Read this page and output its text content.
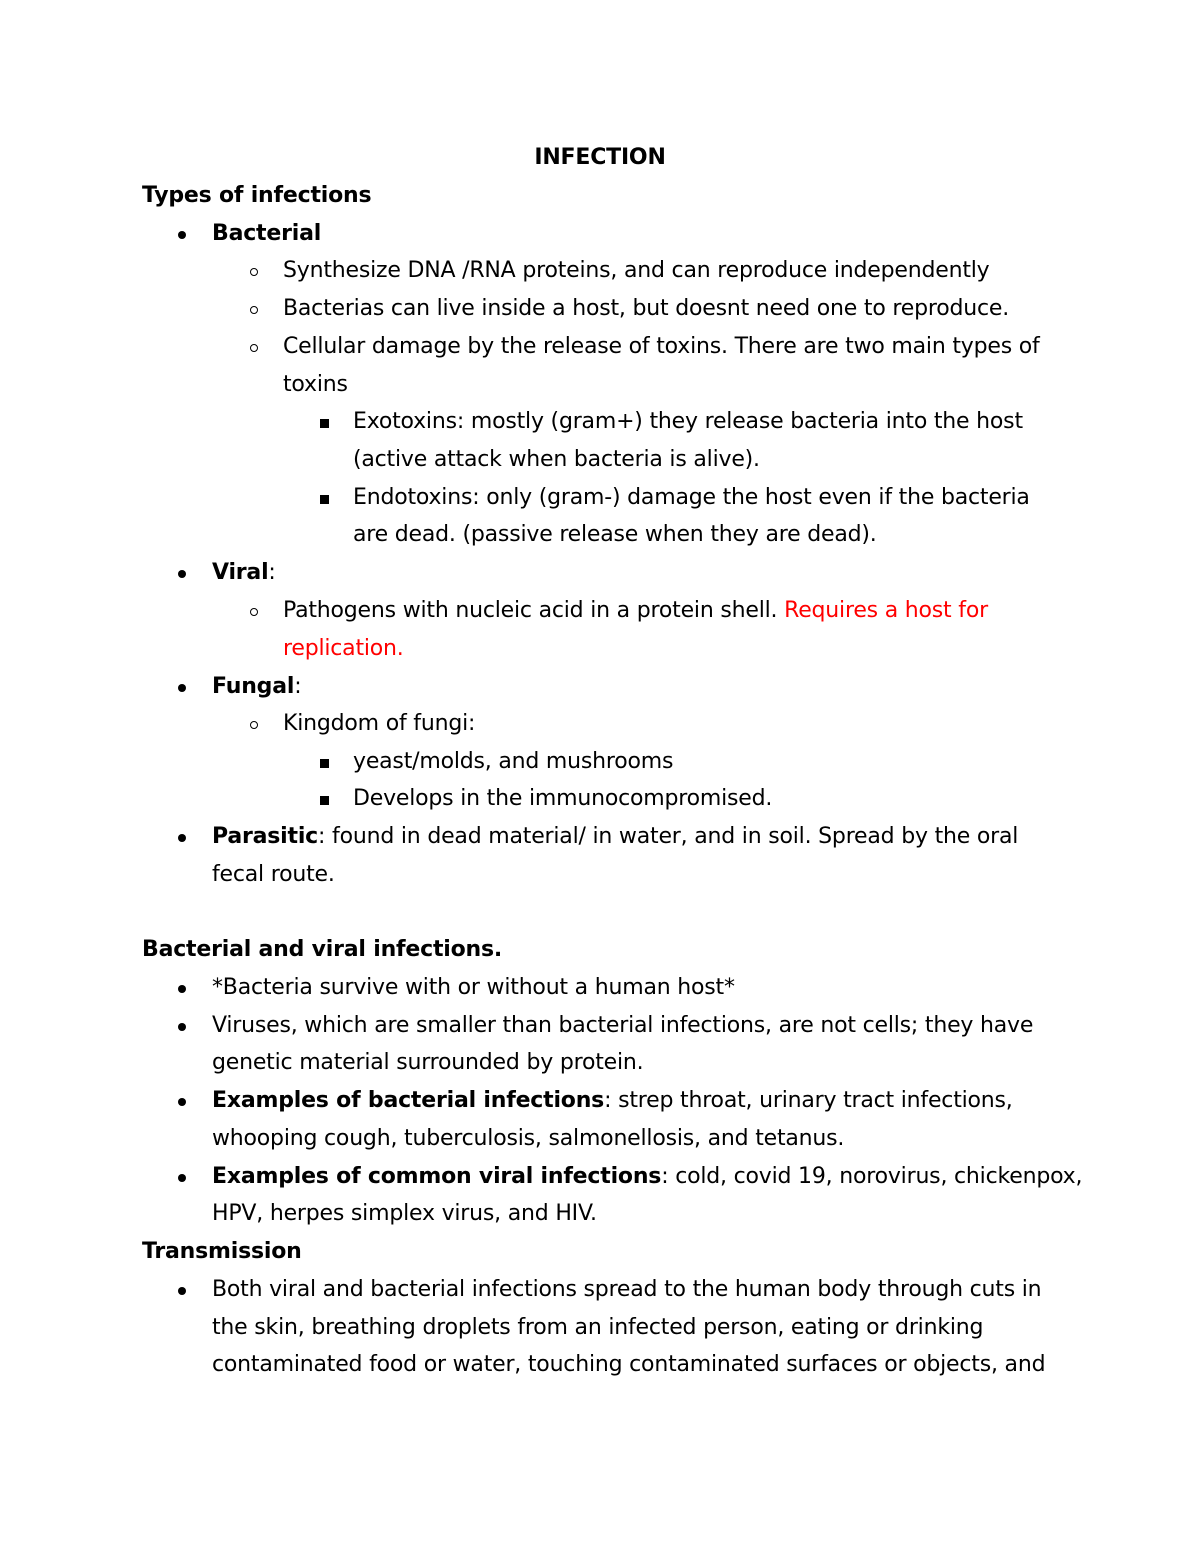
INFECTION
Types of infections
Bacterial
Synthesize DNA /RNA proteins, and can reproduce independently
Bacterias can live inside a host, but doesnt need one to reproduce.
Cellular damage by the release of toxins. There are two main types of
toxins
Exotoxins: mostly (gram+) they release bacteria into the host
(active attack when bacteria is alive).
Endotoxins: only (gram-) damage the host even if the bacteria
are dead. (passive release when they are dead).
Viral:
Pathogens with nucleic acid in a protein shell. Requires a host for
replication.
Fungal:
Kingdom of fungi:
yeast/molds, and mushrooms
Develops in the immunocompromised.
Parasitic: found in dead material/ in water, and in soil. Spread by the oral
fecal route.
Bacterial and viral infections.
*Bacteria survive with or without a human host*
Viruses, which are smaller than bacterial infections, are not cells; they have
genetic material surrounded by protein.
Examples of bacterial infections: strep throat, urinary tract infections,
whooping cough, tuberculosis, salmonellosis, and tetanus.
Examples of common viral infections: cold, covid 19, norovirus, chickenpox,
HPV, herpes simplex virus, and HIV.
Transmission
Both viral and bacterial infections spread to the human body through cuts in
the skin, breathing droplets from an infected person, eating or drinking
contaminated food or water, touching contaminated surfaces or objects, and
